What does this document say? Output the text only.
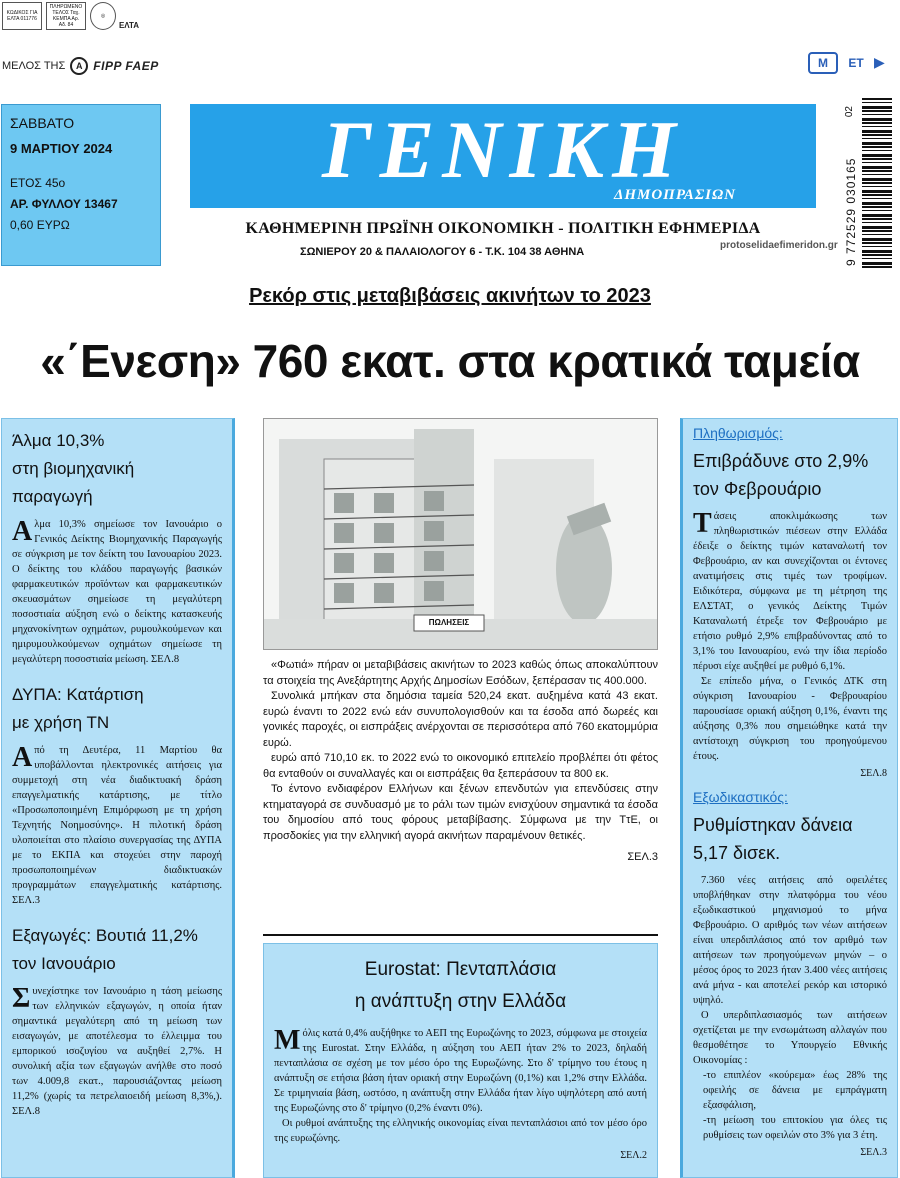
ΚΩΔΙΚΟΣ ΓΙΑ ΕΛΤΑ 011776
ΠΛΗΡΩΜΕΝΟ ΤΕΛΟΣ Ταχ. ΚΕΜΠΑ Αρ. Αδ. 84
◎
ΕΛΤΑ
ΜΕΛΟΣ ΤΗΣ	Α FIPP FAEP	Μ	ΕΤ ▶
ΣΑΒΒΑΤΟ
9 ΜΑΡΤΙΟΥ 2024
ΕΤΟΣ 45ο
ΑΡ. ΦΥΛΛΟΥ 13467
0,60 ΕΥΡΩ
ΓΕΝΙΚΗ
ΔΗΜΟΠΡΑΣΙΩΝ
ΚΑΘΗΜΕΡΙΝΗ ΠΡΩΪΝΗ ΟΙΚΟΝΟΜΙΚΗ - ΠΟΛΙΤΙΚΗ ΕΦΗΜΕΡΙΔΑ
ΣΩΝΙΕΡΟΥ 20 & ΠΑΛΑΙΟΛΟΓΟΥ 6 - Τ.Κ. 104 38 ΑΘΗΝΑ
protoselidaefimeridon.gr 9 772529 030165
02
Ρεκόρ στις μεταβιβάσεις ακινήτων το 2023
«΄Ενεση» 760 εκατ. στα κρατικά ταμεία
Άλμα 10,3%
στη βιομηχανική
παραγωγή
Αλμα 10,3% σημείωσε τον Ιανουάριο ο Γενικός Δείκτης Βιομηχανικής Παραγωγής σε σύγκριση με τον δείκτη του Ιανουαρίου 2023. Ο δείκτης του κλάδου παραγωγής βασικών φαρμακευτικών προϊόντων και φαρμακευτικών σκευασμάτων σημείωσε τη μεγαλύτερη ποσοστιαία αύξηση ενώ ο δείκτης κατασκευής μηχανοκίνητων οχημάτων, ρυμουλκούμενων και ημιρυμουλκούμενων οχημάτων σημείωσε τη μεγαλύτερη ποσοστιαία μείωση. ΣΕΛ.8
ΔΥΠΑ: Κατάρτιση
με χρήση ΤΝ
Από τη Δευτέρα, 11 Μαρτίου θα υποβάλλονται ηλεκτρονικές αιτήσεις για συμμετοχή στη νέα διαδικτυακή δράση επαγγελματικής κατάρτισης, με τίτλο «Προσωποποιημένη Επιμόρφωση με τη χρήση Τεχνητής Νοημοσύνης». Η πιλοτική δράση υλοποιείται στο πλαίσιο συνεργασίας της ΔΥΠΑ με το ΕΚΠΑ και στοχεύει στην παροχή προσωποποιημένων διαδικτυακών προγραμμάτων επαγγελματικής κατάρτισης. ΣΕΛ.3
Εξαγωγές: Βουτιά 11,2%
τον Ιανουάριο
Συνεχίστηκε τον Ιανουάριο η τάση μείωσης των ελληνικών εξαγωγών, η οποία ήταν σημαντικά μεγαλύτερη από τη μείωση των εισαγωγών, με αποτέλεσμα το έλλειμμα του εμπορικού ισοζυγίου να αυξηθεί 2,7%. Η συνολική αξία των εξαγωγών ανήλθε στο ποσό των 4.009,8 εκατ., παρουσιάζοντας μείωση 11,2% (χωρίς τα πετρελαιοειδή μείωση 8,3%,). ΣΕΛ.8
ΠΩΛΗΣΕΙΣ

«Φωτιά» πήραν οι μεταβιβάσεις ακινήτων το 2023 καθώς όπως αποκαλύπτουν τα στοιχεία της Ανεξάρτητης Αρχής Δημοσίων Εσόδων, ξεπέρασαν τις 400.000.

Συνολικά μπήκαν στα δημόσια ταμεία 520,24 εκατ. αυξημένα κατά 43 εκατ. ευρώ έναντι το 2022 ενώ εάν συνυπολογισθούν και τα έσοδα από δωρεές και γονικές παροχές, οι εισπράξεις ανέρχονται σε περισσότερα από 760 εκατομμύρια ευρώ.

ευρώ από 710,10 εκ. το 2022 ενώ το οικονομικό επιτελείο προβλέπει ότι φέτος θα ενταθούν οι συναλλαγές και οι εισπράξεις θα ξεπεράσουν τα 800 εκ.

Το έντονο ενδιαφέρον Ελλήνων και ξένων επενδυτών για επενδύσεις στην κτηματαγορά σε συνδυασμό με το ράλι των τιμών ενισχύουν σημαντικά τα έσοδα του δημοσίου από τους φόρους μεταβίβασης. Σύμφωνα με την ΤτΕ, οι προσδοκίες για την ελληνική αγορά ακινήτων παραμένουν θετικές.

ΣΕΛ.3
Eurostat: Πενταπλάσια
η ανάπτυξη στην Ελλάδα

Μόλις κατά 0,4% αυξήθηκε το ΑΕΠ της Ευρωζώνης το 2023, σύμφωνα με στοιχεία της Eurostat. Στην Ελλάδα, η αύξηση του ΑΕΠ ήταν 2% το 2023, δηλαδή πενταπλάσια σε σχέση με τον μέσο όρο της Ευρωζώνης. Στο δ' τρίμηνο του έτους η ανάπτυξη σε ετήσια βάση ήταν οριακή στην Ευρωζώνη (0,1%) και 1,2% στην Ελλάδα. Σε τριμηνιαία βάση, ωστόσο, η ανάπτυξη στην Ελλάδα ήταν λίγο υψηλότερη από αυτή της Ευρωζώνης στο δ' τρίμηνο (0,2% έναντι 0%).

Οι ρυθμοί ανάπτυξης της ελληνικής οικονομίας είναι πενταπλάσιοι από τον μέσο όρο της ευρωζώνης.

ΣΕΛ.2
Πληθωρισμός:
Επιβράδυνε στο 2,9%
τον Φεβρουάριο
Τάσεις αποκλιμάκωσης των πληθωριστικών πιέσεων στην Ελλάδα έδειξε ο δείκτης τιμών καταναλωτή τον Φεβρουάριο, αν και συνεχίζονται οι έντονες ανατιμήσεις στις τιμές των τροφίμων. Ειδικότερα, σύμφωνα με τη μέτρηση της ΕΛΣΤΑΤ, ο γενικός Δείκτης Τιμών Καταναλωτή έτρεξε τον Φεβρουάριο με ετήσιο ρυθμό 2,9% επιβραδύνοντας από το 3,1% του Ιανουαρίου, ενώ την ίδια περίοδο πέρυσι είχε αυξηθεί με ρυθμό 6,1%.
Σε επίπεδο μήνα, ο Γενικός ΔΤΚ στη σύγκριση Ιανουαρίου - Φεβρουαρίου παρουσίασε οριακή αύξηση 0,1%, έναντι της αύξησης 0,3% που σημειώθηκε κατά την αντίστοιχη σύγκριση του προηγούμενου έτους.
ΣΕΛ.8
Εξωδικαστικός:
Ρυθμίστηκαν δάνεια
5,17 δισεκ.
7.360 νέες αιτήσεις από οφειλέτες υποβλήθηκαν στην πλατφόρμα του νέου εξωδικαστικού μηχανισμού το μήνα Φεβρουάριο. Ο αριθμός των νέων αιτήσεων είναι υπερδιπλάσιος από τον αριθμό των αιτήσεων των προηγούμενων μηνών – ο μέσος όρος το 2023 ήταν 3.400 νέες αιτήσεις ανά μήνα - και αποτελεί ρεκόρ και ιστορικό υψηλό.
Ο υπερδιπλασιασμός των αιτήσεων σχετίζεται με την ενσωμάτωση αλλαγών που θεσμοθέτησε το Υπουργείο Εθνικής Οικονομίας :
-το επιπλέον «κούρεμα» έως 28% της οφειλής σε δάνεια με εμπράγματη εξασφάλιση,
-τη μείωση του επιτοκίου για όλες τις ρυθμίσεις των οφειλών στο 3% για 3 έτη.
ΣΕΛ.3
